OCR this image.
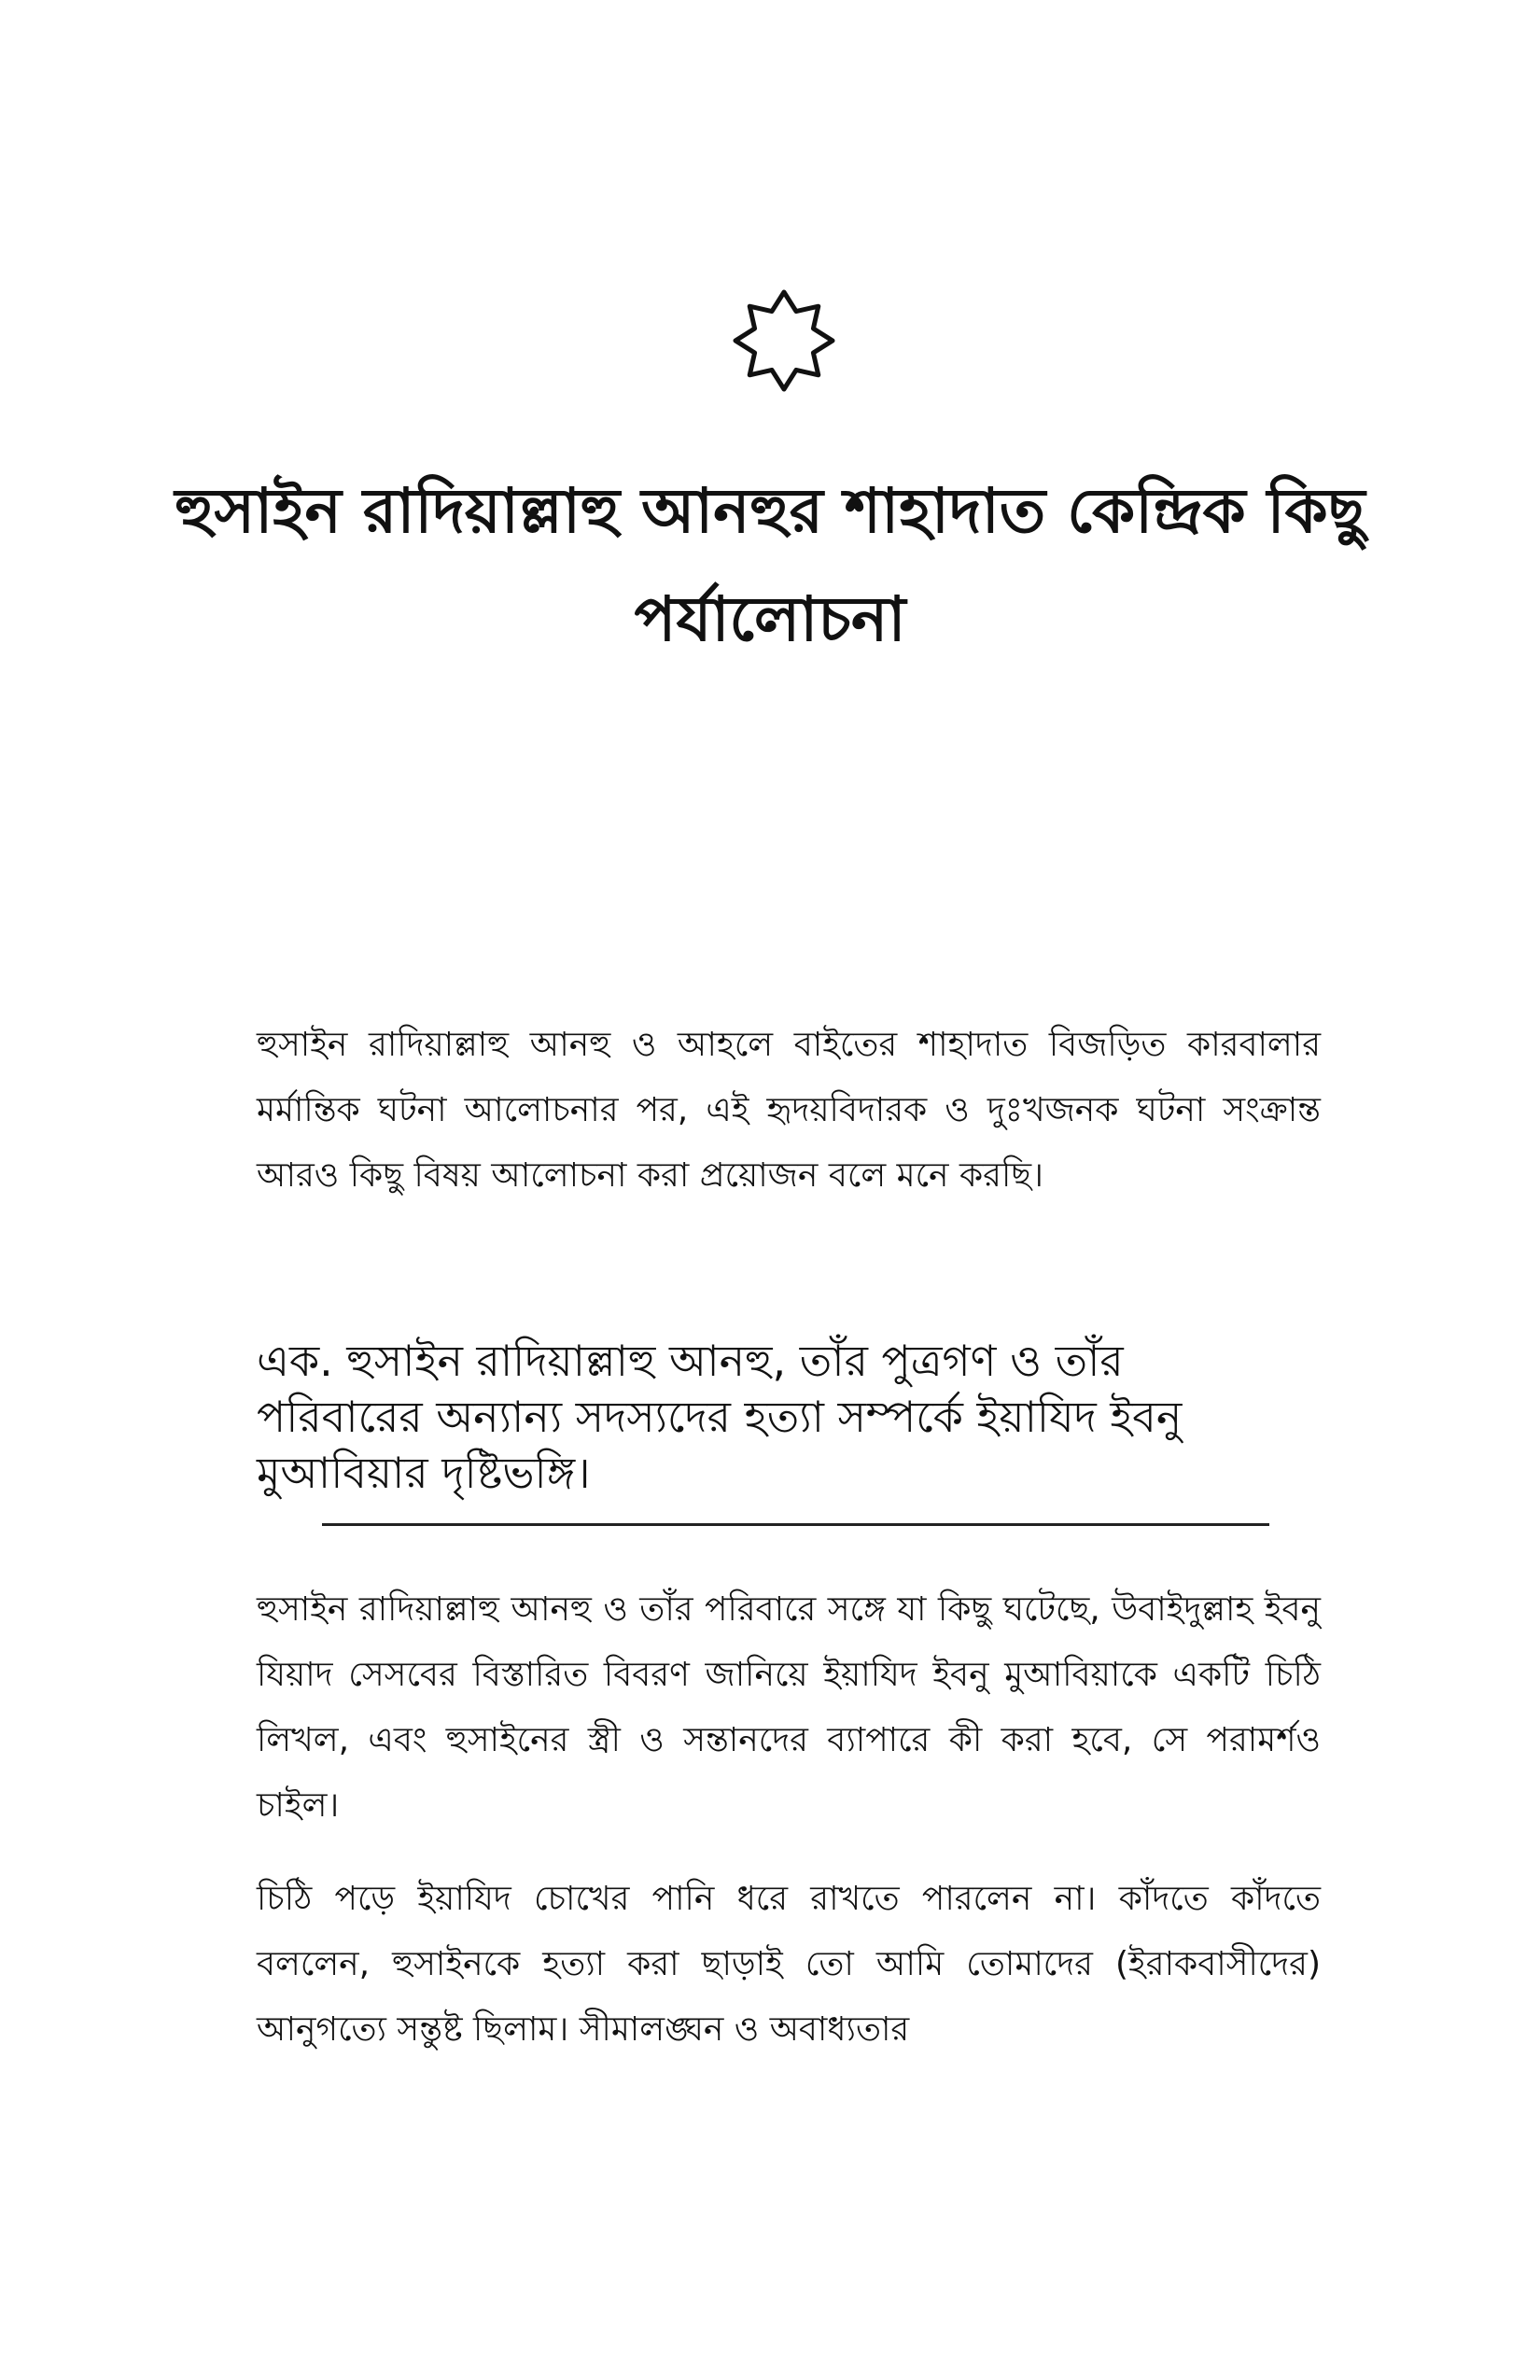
হুসাইন রাদিয়াল্লাহু আনহুর শাহাদাত কেন্দ্রিক কিছু পর্যালোচনা

হুসাইন রাদিয়াল্লাহু আনহু ও আহলে বাইতের শাহাদাত বিজড়িত কারবালার মর্মান্তিক ঘটনা আলোচনার পর, এই হৃদয়বিদারক ও দুঃখজনক ঘটনা সংক্রান্ত আরও কিছু বিষয় আলোচনা করা প্রয়োজন বলে মনে করছি।

এক. হুসাইন রাদিয়াল্লাহু আনহু, তাঁর পুত্রগণ ও তাঁর পরিবারের অন্যান্য সদস্যদের হত্যা সম্পর্কে ইয়াযিদ ইবনু মুআবিয়ার দৃষ্টিভঙ্গি।

হুসাইন রাদিয়াল্লাহু আনহু ও তাঁর পরিবারে সঙ্গে যা কিছু ঘটেছে, উবাইদুল্লাহ ইবনু যিয়াদ সেসবের বিস্তারিত বিবরণ জানিয়ে ইয়াযিদ ইবনু মুআবিয়াকে একটি চিঠি লিখল, এবং হুসাইনের স্ত্রী ও সন্তানদের ব্যাপারে কী করা হবে, সে পরামর্শও চাইল।

চিঠি পড়ে ইয়াযিদ চোখের পানি ধরে রাখতে পারলেন না। কাঁদতে কাঁদতে বললেন, হুসাইনকে হত্যা করা ছাড়াই তো আমি তোমাদের (ইরাকবাসীদের) আনুগত্যে সন্তুষ্ট ছিলাম। সীমালঙ্ঘন ও অবাধ্যতার
